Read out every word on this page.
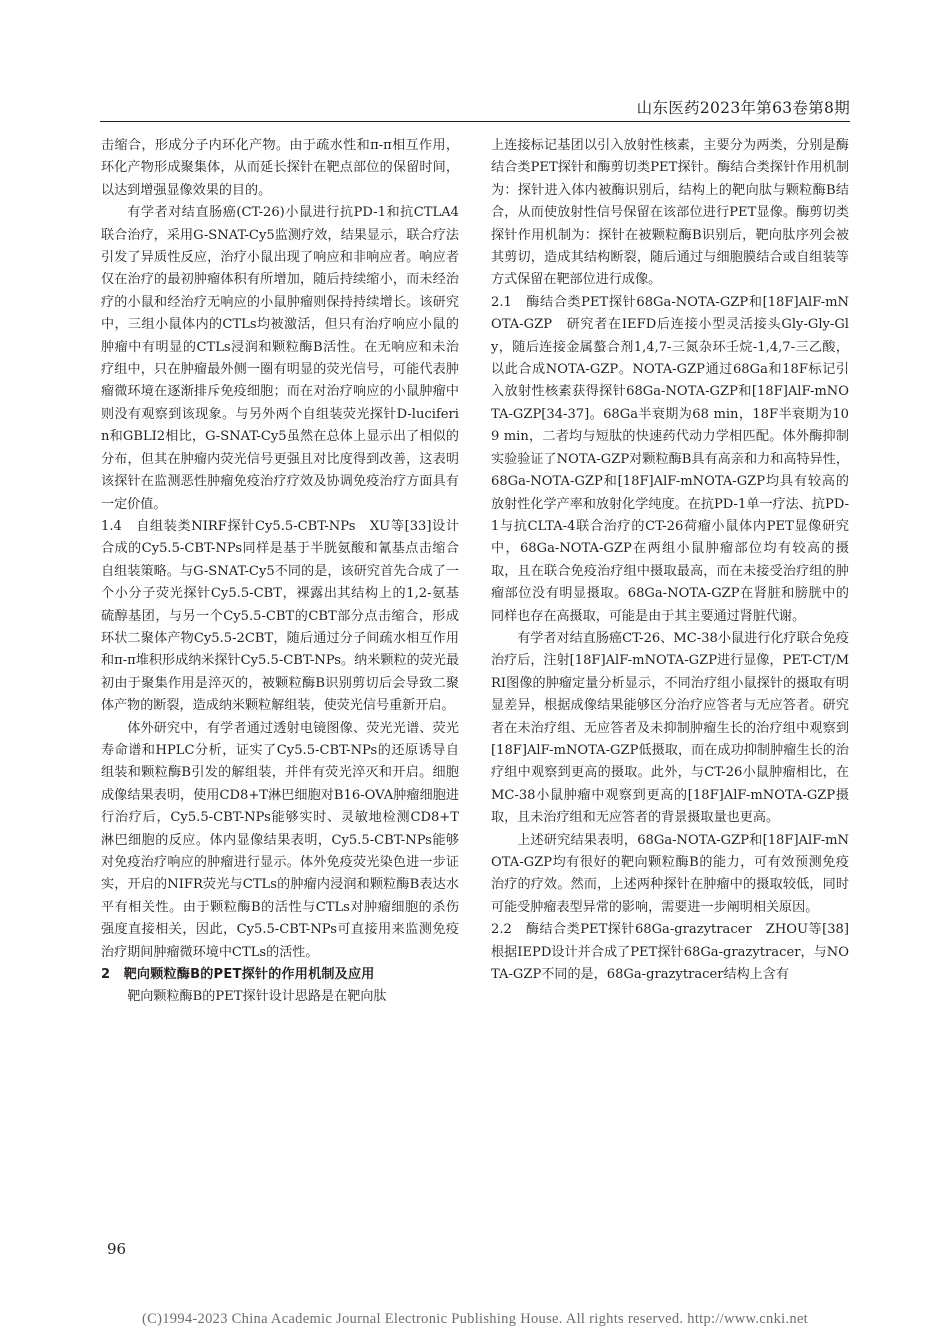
山东医药2023年第63卷第8期

击缩合，形成分子内环化产物。由于疏水性和π-π相互作用，环化产物形成聚集体，从而延长探针在靶点部位的保留时间，以达到增强显像效果的目的。

有学者对结直肠癌(CT-26)小鼠进行抗PD-1和抗CTLA4联合治疗，采用G-SNAT-Cy5监测疗效，结果显示，联合疗法引发了异质性反应，治疗小鼠出现了响应和非响应者。响应者仅在治疗的最初肿瘤体积有所增加，随后持续缩小，而未经治疗的小鼠和经治疗无响应的小鼠肿瘤则保持持续增长。该研究中，三组小鼠体内的CTLs均被激活，但只有治疗响应小鼠的肿瘤中有明显的CTLs浸润和颗粒酶B活性。在无响应和未治疗组中，只在肿瘤最外侧一圈有明显的荧光信号，可能代表肿瘤微环境在逐渐排斥免疫细胞；而在对治疗响应的小鼠肿瘤中则没有观察到该现象。与另外两个自组装荧光探针D-luciferin和GBLI2相比，G-SNAT-Cy5虽然在总体上显示出了相似的分布，但其在肿瘤内荧光信号更强且对比度得到改善，这表明该探针在监测恶性肿瘤免疫治疗疗效及协调免疫治疗方面具有一定价值。

1.4　自组装类NIRF探针Cy5.5-CBT-NPs　XU等[33]设计合成的Cy5.5-CBT-NPs同样是基于半胱氨酸和氰基点击缩合自组装策略。与G-SNAT-Cy5不同的是，该研究首先合成了一个小分子荧光探针Cy5.5-CBT，裸露出其结构上的1,2-氨基硫醇基团，与另一个Cy5.5-CBT的CBT部分点击缩合，形成环状二聚体产物Cy5.5-2CBT，随后通过分子间疏水相互作用和π-π堆积形成纳米探针Cy5.5-CBT-NPs。纳米颗粒的荧光最初由于聚集作用是淬灭的，被颗粒酶B识别剪切后会导致二聚体产物的断裂，造成纳米颗粒解组装，使荧光信号重新开启。

体外研究中，有学者通过透射电镜图像、荧光光谱、荧光寿命谱和HPLC分析，证实了Cy5.5-CBT-NPs的还原诱导自组装和颗粒酶B引发的解组装，并伴有荧光淬灭和开启。细胞成像结果表明，使用CD8+T淋巴细胞对B16-OVA肿瘤细胞进行治疗后，Cy5.5-CBT-NPs能够实时、灵敏地检测CD8+T淋巴细胞的反应。体内显像结果表明，Cy5.5-CBT-NPs能够对免疫治疗响应的肿瘤进行显示。体外免疫荧光染色进一步证实，开启的NIFR荧光与CTLs的肿瘤内浸润和颗粒酶B表达水平有相关性。由于颗粒酶B的活性与CTLs对肿瘤细胞的杀伤强度直接相关，因此，Cy5.5-CBT-NPs可直接用来监测免疫治疗期间肿瘤微环境中CTLs的活性。

2　靶向颗粒酶B的PET探针的作用机制及应用

靶向颗粒酶B的PET探针设计思路是在靶向肽

上连接标记基团以引入放射性核素，主要分为两类，分别是酶结合类PET探针和酶剪切类PET探针。酶结合类探针作用机制为：探针进入体内被酶识别后，结构上的靶向肽与颗粒酶B结合，从而使放射性信号保留在该部位进行PET显像。酶剪切类探针作用机制为：探针在被颗粒酶B识别后，靶向肽序列会被其剪切，造成其结构断裂，随后通过与细胞膜结合或自组装等方式保留在靶部位进行成像。

2.1　酶结合类PET探针68Ga-NOTA-GZP和[18F]AlF-mNOTA-GZP　研究者在IEFD后连接小型灵活接头Gly-Gly-Gly，随后连接金属螯合剂1,4,7-三氮杂环壬烷-1,4,7-三乙酸，以此合成NOTA-GZP。NOTA-GZP通过68Ga和18F标记引入放射性核素获得探针68Ga-NOTA-GZP和[18F]AlF-mNOTA-GZP[34-37]。68Ga半衰期为68 min，18F半衰期为109 min，二者均与短肽的快速药代动力学相匹配。体外酶抑制实验验证了NOTA-GZP对颗粒酶B具有高亲和力和高特异性，68Ga-NOTA-GZP和[18F]AlF-mNOTA-GZP均具有较高的放射性化学产率和放射化学纯度。在抗PD-1单一疗法、抗PD-1与抗CLTA-4联合治疗的CT-26荷瘤小鼠体内PET显像研究中，68Ga-NOTA-GZP在两组小鼠肿瘤部位均有较高的摄取，且在联合免疫治疗组中摄取最高，而在未接受治疗组的肿瘤部位没有明显摄取。68Ga-NOTA-GZP在肾脏和膀胱中的同样也存在高摄取，可能是由于其主要通过肾脏代谢。

有学者对结直肠癌CT-26、MC-38小鼠进行化疗联合免疫治疗后，注射[18F]AlF-mNOTA-GZP进行显像，PET-CT/MRI图像的肿瘤定量分析显示，不同治疗组小鼠探针的摄取有明显差异，根据成像结果能够区分治疗应答者与无应答者。研究者在未治疗组、无应答者及未抑制肿瘤生长的治疗组中观察到[18F]AlF-mNOTA-GZP低摄取，而在成功抑制肿瘤生长的治疗组中观察到更高的摄取。此外，与CT-26小鼠肿瘤相比，在MC-38小鼠肿瘤中观察到更高的[18F]AlF-mNOTA-GZP摄取，且未治疗组和无应答者的背景摄取量也更高。

上述研究结果表明，68Ga-NOTA-GZP和[18F]AlF-mNOTA-GZP均有很好的靶向颗粒酶B的能力，可有效预测免疫治疗的疗效。然而，上述两种探针在肿瘤中的摄取较低，同时可能受肿瘤表型异常的影响，需要进一步阐明相关原因。

2.2　酶结合类PET探针68Ga-grazytracer　ZHOU等[38]根据IEPD设计并合成了PET探针68Ga-grazytracer，与NOTA-GZP不同的是，68Ga-grazytracer结构上含有

96
(C)1994-2023 China Academic Journal Electronic Publishing House. All rights reserved. http://www.cnki.net
